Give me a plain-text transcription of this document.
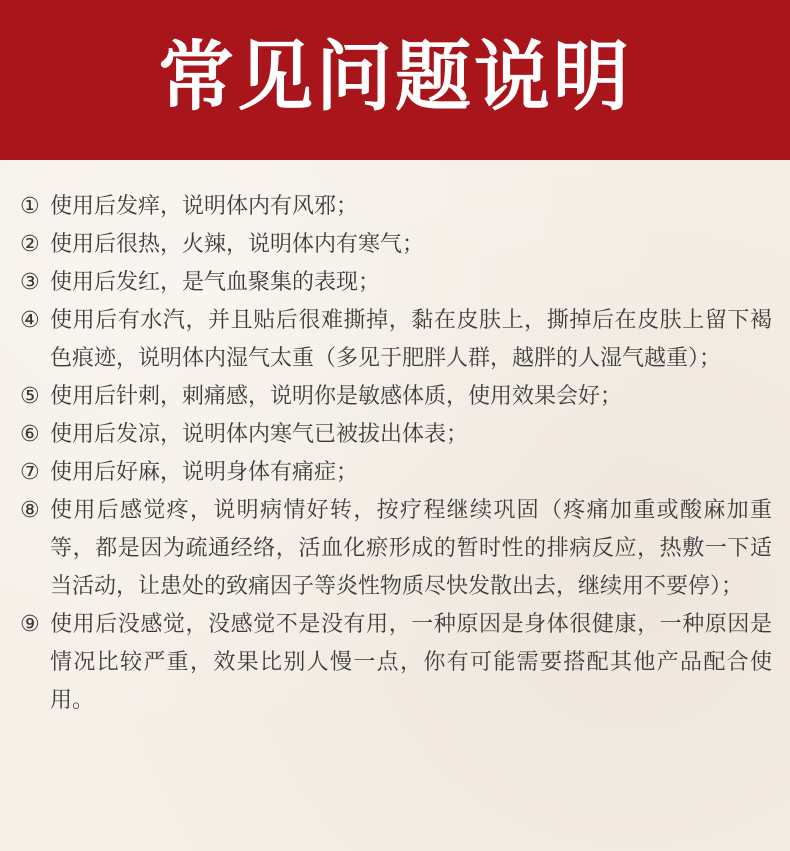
常见问题说明
① 使用后发痒，说明体内有风邪；
② 使用后很热，火辣，说明体内有寒气；
③ 使用后发红，是气血聚集的表现；
④ 使用后有水汽，并且贴后很难撕掉，黏在皮肤上，撕掉后在皮肤上留下褐色痕迹，说明体内湿气太重（多见于肥胖人群，越胖的人湿气越重）；
⑤ 使用后针刺，刺痛感，说明你是敏感体质，使用效果会好；
⑥ 使用后发凉，说明体内寒气已被拔出体表；
⑦ 使用后好麻，说明身体有痛症；
⑧ 使用后感觉疼，说明病情好转，按疗程继续巩固（疼痛加重或酸麻加重等，都是因为疏通经络，活血化瘀形成的暂时性的排病反应，热敷一下适当活动，让患处的致痛因子等炎性物质尽快发散出去，继续用不要停）；
⑨ 使用后没感觉，没感觉不是没有用，一种原因是身体很健康，一种原因是情况比较严重，效果比别人慢一点，你有可能需要搭配其他产品配合使用。
